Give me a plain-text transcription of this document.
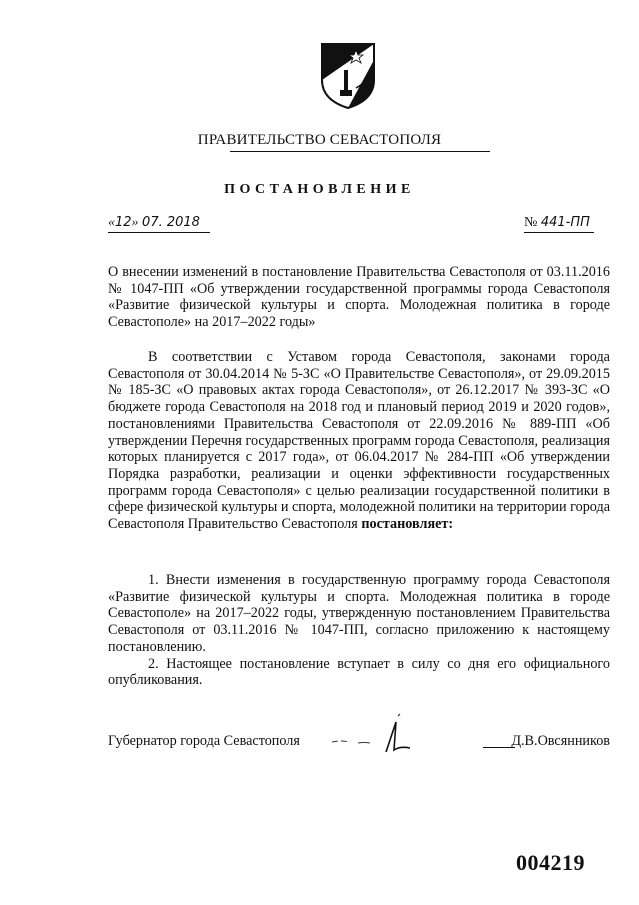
ПРАВИТЕЛЬСТВО СЕВАСТОПОЛЯ
ПОСТАНОВЛЕНИЕ
«12» 07. 2018	№ 441-ПП
О внесении изменений в постановление Правительства Севастополя от 03.11.2016 № 1047-ПП «Об утверждении государственной программы города Севастополя «Развитие физической культуры и спорта. Молодежная политика в городе Севастополе» на 2017–2022 годы»
В соответствии с Уставом города Севастополя, законами города Севастополя от 30.04.2014 № 5-ЗС «О Правительстве Севастополя», от 29.09.2015 № 185-ЗС «О правовых актах города Севастополя», от 26.12.2017 № 393-ЗС «О бюджете города Севастополя на 2018 год и плановый период 2019 и 2020 годов», постановлениями Правительства Севастополя от 22.09.2016 № 889-ПП «Об утверждении Перечня государственных программ города Севастополя, реализация которых планируется с 2017 года», от 06.04.2017 № 284-ПП «Об утверждении Порядка разработки, реализации и оценки эффективности государственных программ города Севастополя» с целью реализации государственной политики в сфере физической культуры и спорта, молодежной политики на территории города Севастополя Правительство Севастополя постановляет:

1. Внести изменения в государственную программу города Севастополя «Развитие физической культуры и спорта. Молодежная политика в городе Севастополе» на 2017–2022 годы, утвержденную постановлением Правительства Севастополя от 03.11.2016 № 1047-ПП, согласно приложению к настоящему постановлению.

2. Настоящее постановление вступает в силу со дня его официального опубликования.

Губернатор города Севастополя	Д.В.Овсянников
004219
